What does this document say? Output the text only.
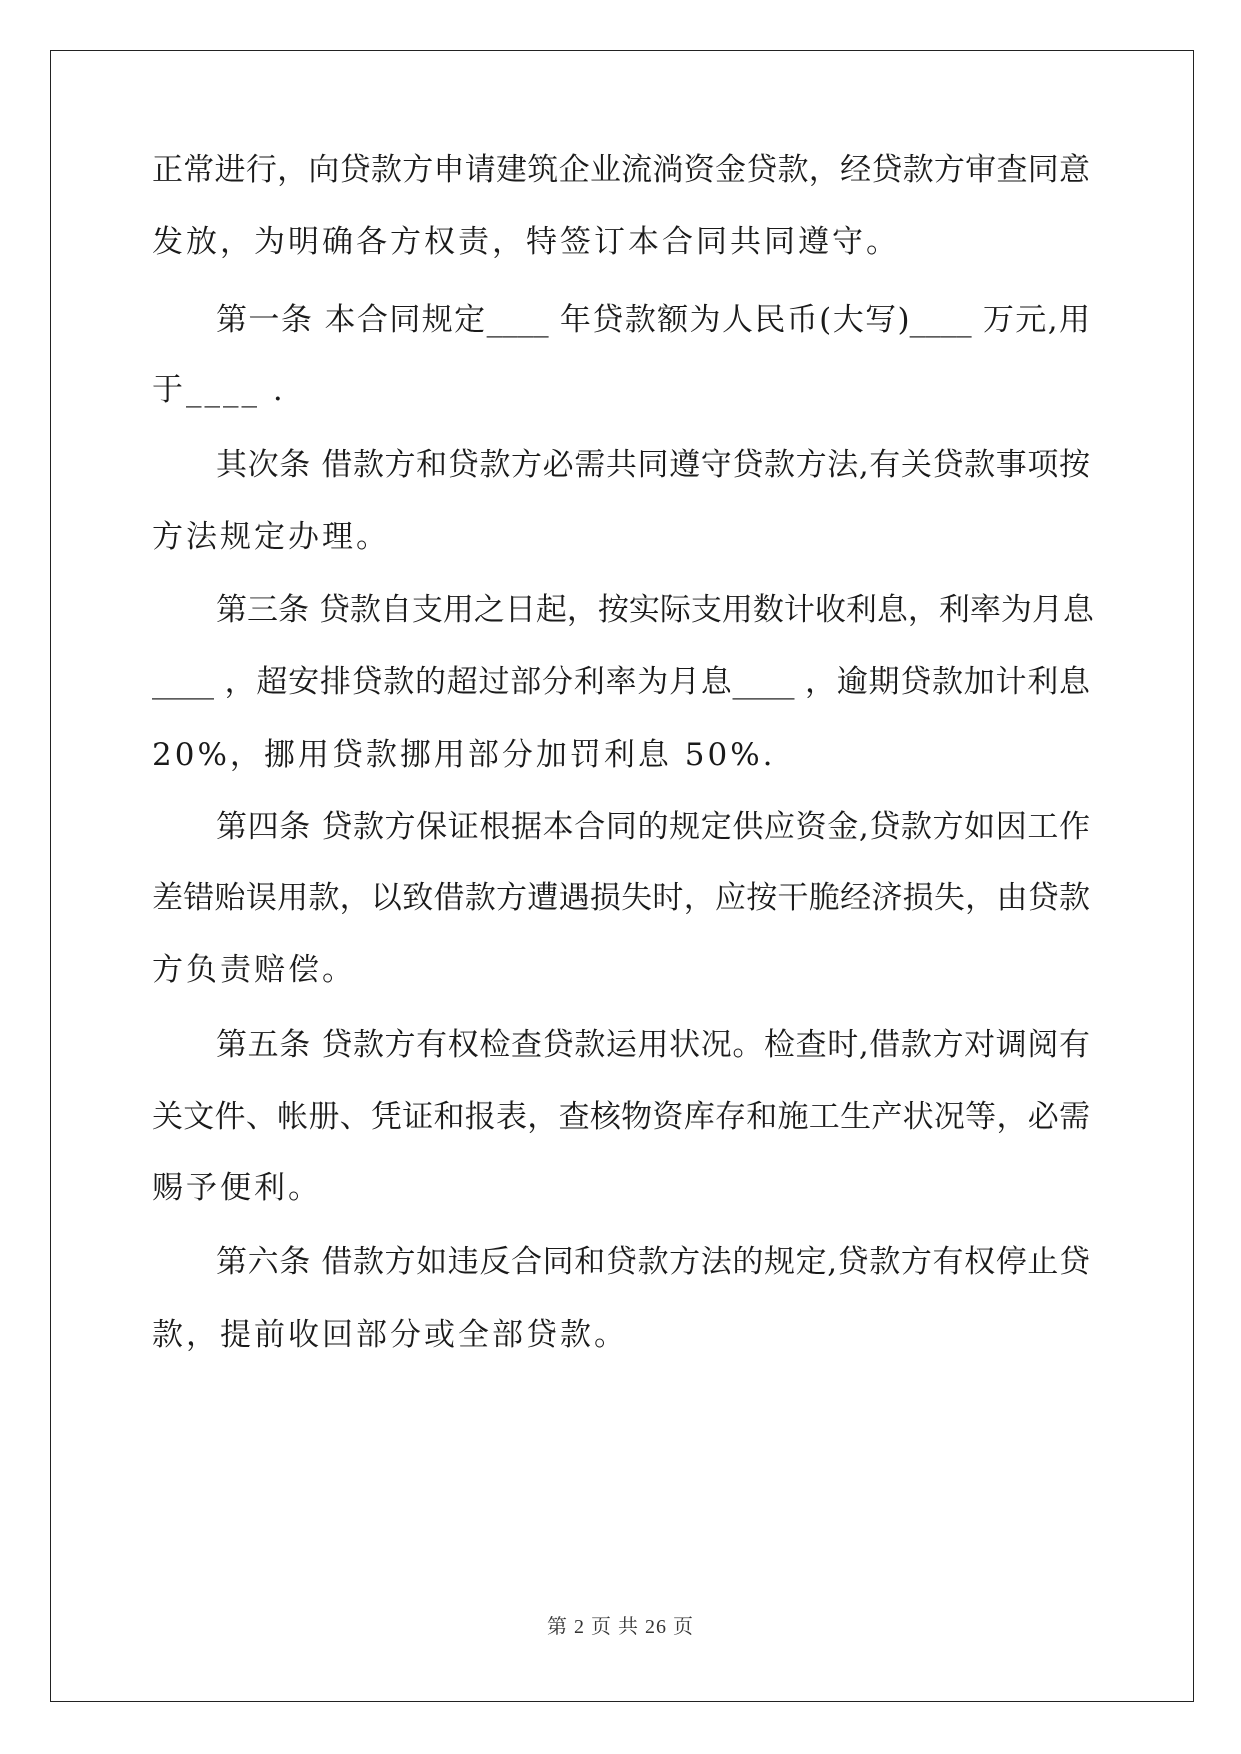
正常进行，向贷款方申请建筑企业流淌资金贷款，经贷款方审查同意
发放，为明确各方权责，特签订本合同共同遵守。
第一条 本合同规定____ 年贷款额为人民币(大写)____ 万元,用
于____ .
其次条 借款方和贷款方必需共同遵守贷款方法,有关贷款事项按
方法规定办理。
第三条 贷款自支用之日起，按实际支用数计收利息，利率为月息
____ ，超安排贷款的超过部分利率为月息____ ，逾期贷款加计利息
20%，挪用贷款挪用部分加罚利息 50%.
第四条 贷款方保证根据本合同的规定供应资金,贷款方如因工作
差错贻误用款，以致借款方遭遇损失时，应按干脆经济损失，由贷款
方负责赔偿。
第五条 贷款方有权检查贷款运用状况。检查时,借款方对调阅有
关文件、帐册、凭证和报表，查核物资库存和施工生产状况等，必需
赐予便利。
第六条 借款方如违反合同和贷款方法的规定,贷款方有权停止贷
款，提前收回部分或全部贷款。
第 2 页 共 26 页
